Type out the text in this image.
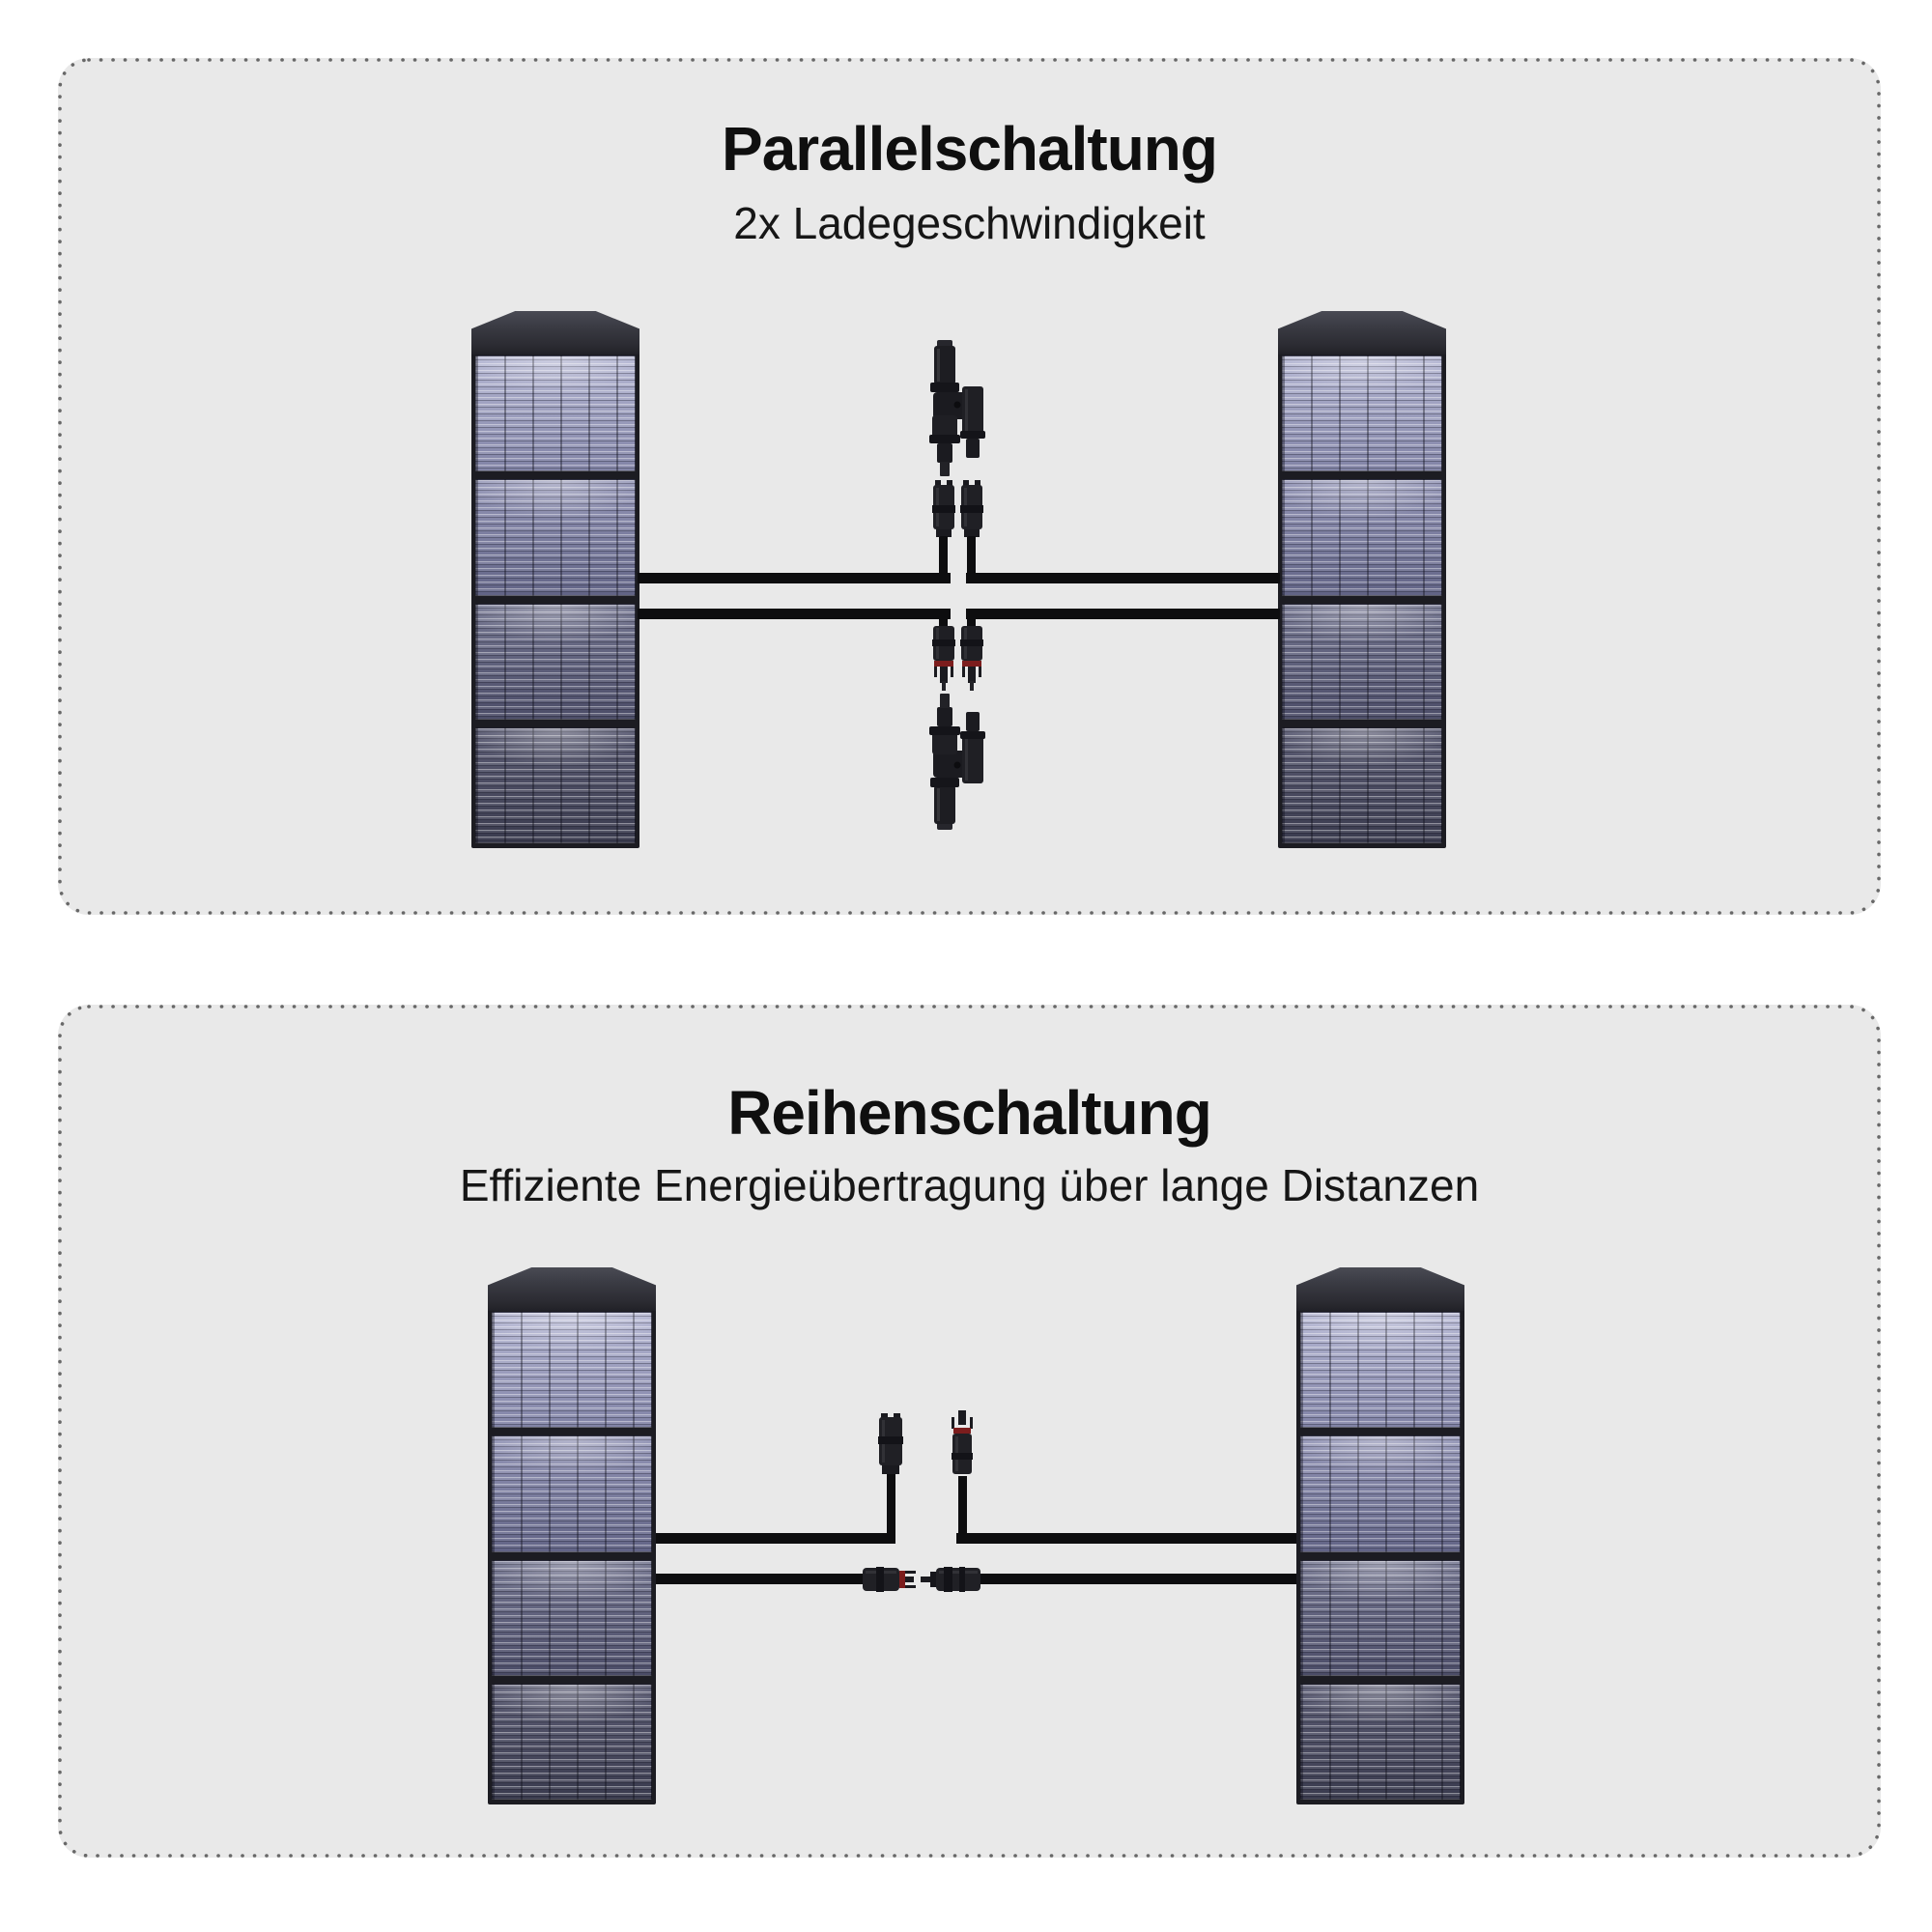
Parallelschaltung

2x Ladegeschwindigkeit

Reihenschaltung

Effiziente Energieübertragung über lange Distanzen
